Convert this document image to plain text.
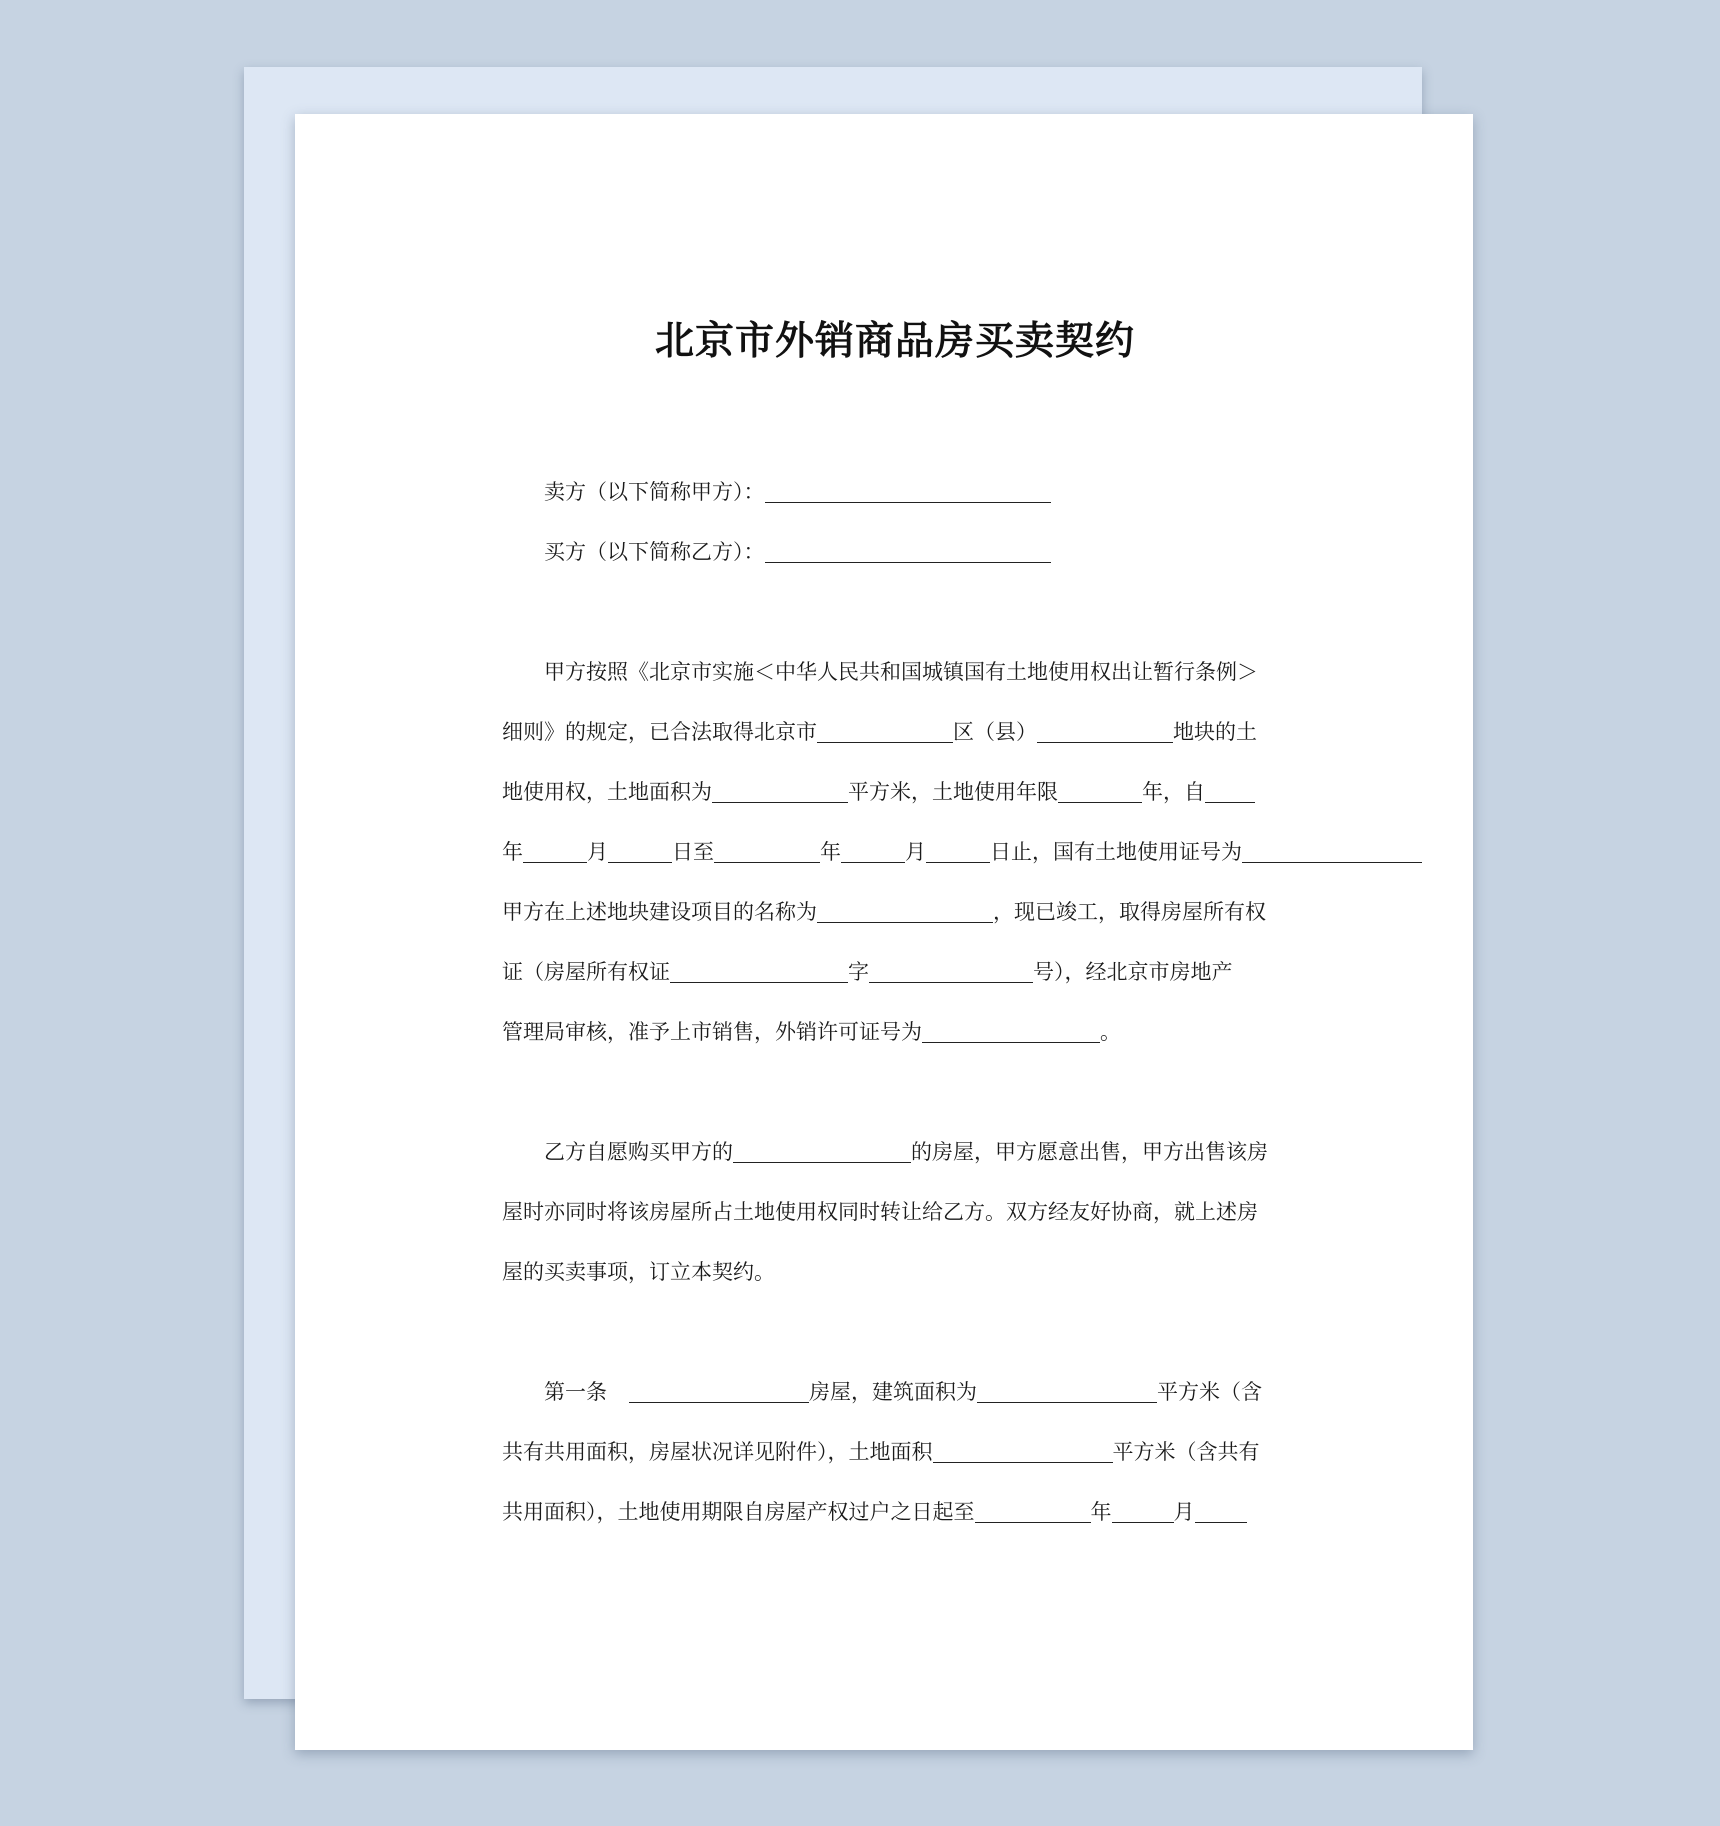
北京市外销商品房买卖契约
卖方（以下简称甲方）：
买方（以下简称乙方）：
甲方按照《北京市实施＜中华人民共和国城镇国有土地使用权出让暂行条例＞
细则》的规定，已合法取得北京市	区（县）	地块的土
地使用权，土地面积为	平方米，土地使用年限	年，自
年	月	日至	年	月	日止，国有土地使用证号为
甲方在上述地块建设项目的名称为	，现已竣工，取得房屋所有权
证（房屋所有权证	字	号），经北京市房地产
管理局审核，准予上市销售，外销许可证号为	。
乙方自愿购买甲方的	的房屋，甲方愿意出售，甲方出售该房
屋时亦同时将该房屋所占土地使用权同时转让给乙方。双方经友好协商，就上述房
屋的买卖事项，订立本契约。
第一条	房屋，建筑面积为	平方米（含
共有共用面积，房屋状况详见附件），土地面积	平方米（含共有
共用面积），土地使用期限自房屋产权过户之日起至	年	月
